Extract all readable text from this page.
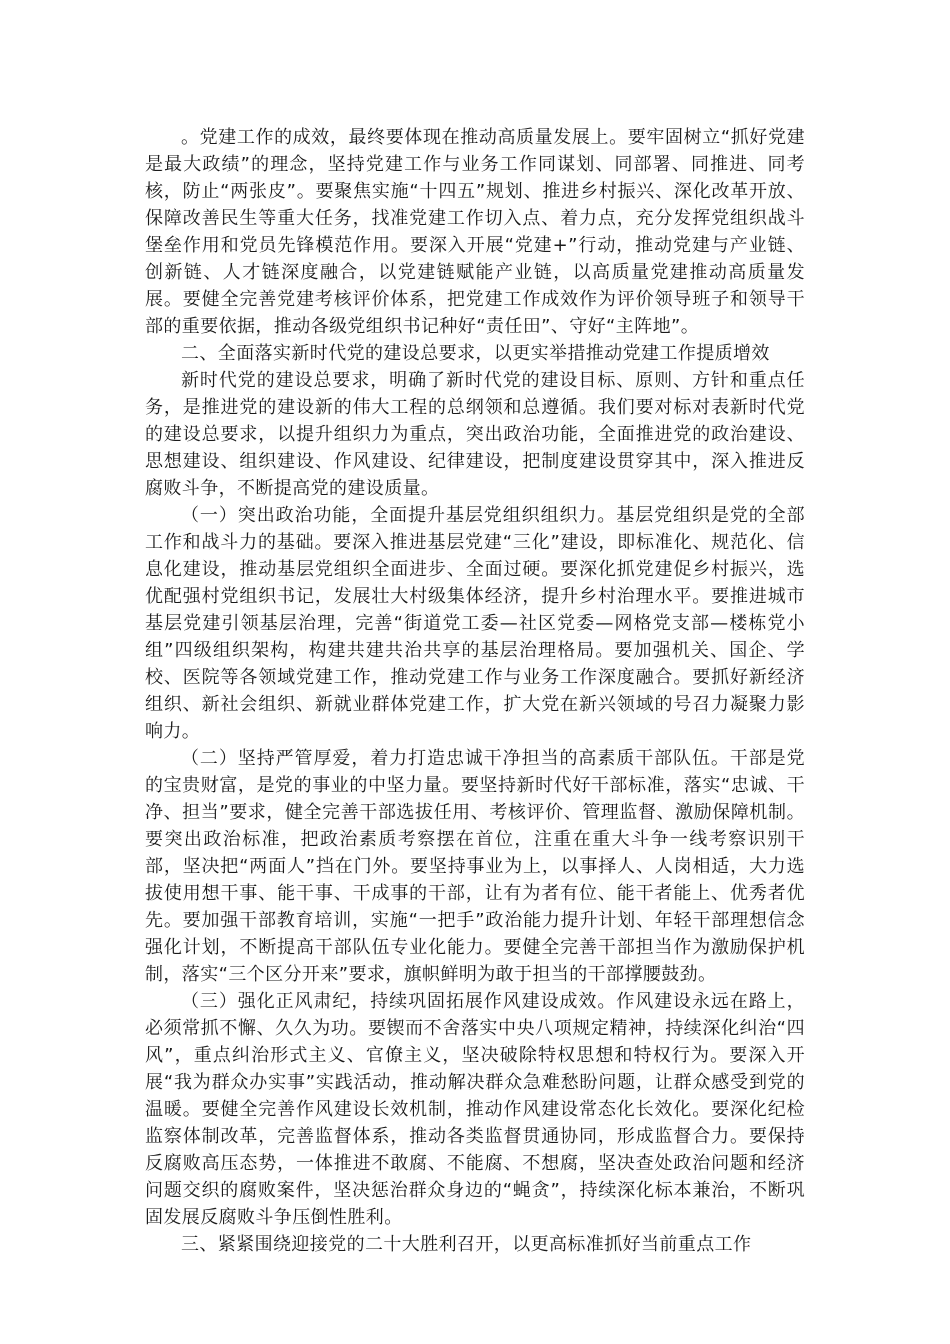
。党建工作的成效，最终要体现在推动高质量发展上。要牢固树立“抓好党建是最大政绩”的理念，坚持党建工作与业务工作同谋划、同部署、同推进、同考核，防止“两张皮”。要聚焦实施“十四五”规划、推进乡村振兴、深化改革开放、保障改善民生等重大任务，找准党建工作切入点、着力点，充分发挥党组织战斗堡垒作用和党员先锋模范作用。要深入开展“党建+”行动，推动党建与产业链、创新链、人才链深度融合，以党建链赋能产业链，以高质量党建推动高质量发展。要健全完善党建考核评价体系，把党建工作成效作为评价领导班子和领导干部的重要依据，推动各级党组织书记种好“责任田”、守好“主阵地”。

二、全面落实新时代党的建设总要求，以更实举措推动党建工作提质增效

新时代党的建设总要求，明确了新时代党的建设目标、原则、方针和重点任务，是推进党的建设新的伟大工程的总纲领和总遵循。我们要对标对表新时代党的建设总要求，以提升组织力为重点，突出政治功能，全面推进党的政治建设、思想建设、组织建设、作风建设、纪律建设，把制度建设贯穿其中，深入推进反腐败斗争，不断提高党的建设质量。

（一）突出政治功能，全面提升基层党组织组织力。基层党组织是党的全部工作和战斗力的基础。要深入推进基层党建“三化”建设，即标准化、规范化、信息化建设，推动基层党组织全面进步、全面过硬。要深化抓党建促乡村振兴，选优配强村党组织书记，发展壮大村级集体经济，提升乡村治理水平。要推进城市基层党建引领基层治理，完善“街道党工委—社区党委—网格党支部—楼栋党小组”四级组织架构，构建共建共治共享的基层治理格局。要加强机关、国企、学校、医院等各领域党建工作，推动党建工作与业务工作深度融合。要抓好新经济组织、新社会组织、新就业群体党建工作，扩大党在新兴领域的号召力凝聚力影响力。

（二）坚持严管厚爱，着力打造忠诚干净担当的高素质干部队伍。干部是党的宝贵财富，是党的事业的中坚力量。要坚持新时代好干部标准，落实“忠诚、干净、担当”要求，健全完善干部选拔任用、考核评价、管理监督、激励保障机制。要突出政治标准，把政治素质考察摆在首位，注重在重大斗争一线考察识别干部，坚决把“两面人”挡在门外。要坚持事业为上，以事择人、人岗相适，大力选拔使用想干事、能干事、干成事的干部，让有为者有位、能干者能上、优秀者优先。要加强干部教育培训，实施“一把手”政治能力提升计划、年轻干部理想信念强化计划，不断提高干部队伍专业化能力。要健全完善干部担当作为激励保护机制，落实“三个区分开来”要求，旗帜鲜明为敢于担当的干部撑腰鼓劲。

（三）强化正风肃纪，持续巩固拓展作风建设成效。作风建设永远在路上，必须常抓不懈、久久为功。要锲而不舍落实中央八项规定精神，持续深化纠治“四风”，重点纠治形式主义、官僚主义，坚决破除特权思想和特权行为。要深入开展“我为群众办实事”实践活动，推动解决群众急难愁盼问题，让群众感受到党的温暖。要健全完善作风建设长效机制，推动作风建设常态化长效化。要深化纪检监察体制改革，完善监督体系，推动各类监督贯通协同，形成监督合力。要保持反腐败高压态势，一体推进不敢腐、不能腐、不想腐，坚决查处政治问题和经济问题交织的腐败案件，坚决惩治群众身边的“蝇贪”，持续深化标本兼治，不断巩固发展反腐败斗争压倒性胜利。

三、紧紧围绕迎接党的二十大胜利召开，以更高标准抓好当前重点工作
